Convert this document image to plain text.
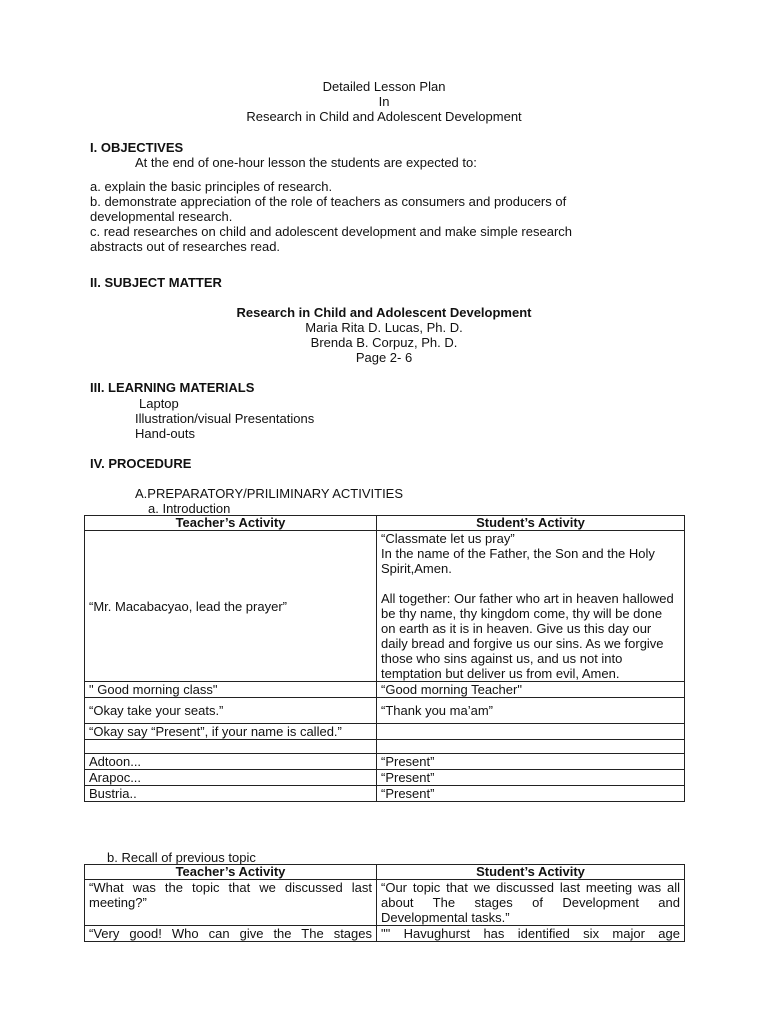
Detailed Lesson Plan
In
Research in Child and Adolescent Development
I. OBJECTIVES
At the end of one-hour lesson the students are expected to:
a. explain the basic principles of research.
b. demonstrate appreciation of the role of teachers as consumers and producers of
developmental research.
c. read researches on child and adolescent development and make simple research
abstracts out of researches read.
II. SUBJECT MATTER
Research in Child and Adolescent Development
Maria Rita D. Lucas, Ph. D.
Brenda B. Corpuz, Ph. D.
Page 2- 6
III. LEARNING MATERIALS
Laptop
Illustration/visual Presentations
Hand-outs
IV. PROCEDURE
A.PREPARATORY/PRILIMINARY ACTIVITIES
a. Introduction
Teacher’s Activity	Student’s Activity
“Mr. Macabacyao, lead the prayer”	“Classmate let us pray”
In the name of the Father, the Son and the Holy Spirit,Amen.

All together: Our father who art in heaven hallowed be thy name, thy kingdom come, thy will be done on earth as it is in heaven. Give us this day our daily bread and forgive us our sins. As we forgive those who sins against us, and us not into temptation but deliver us from evil, Amen.
" Good morning class"	“Good morning Teacher"
“Okay take your seats.”	“Thank you ma’am”
“Okay say “Present”, if your name is called.”	

Adtoon...	“Present”
Arapoc...	“Present”
Bustria..	“Present”
b. Recall of previous topic
Teacher’s Activity	Student’s Activity
“What was the topic that we discussed last meeting?”	“Our topic that we discussed last meeting was all about The stages of Development and Developmental tasks.”
“Very good! Who can give the The stages	"" Havughurst has identified six major age
